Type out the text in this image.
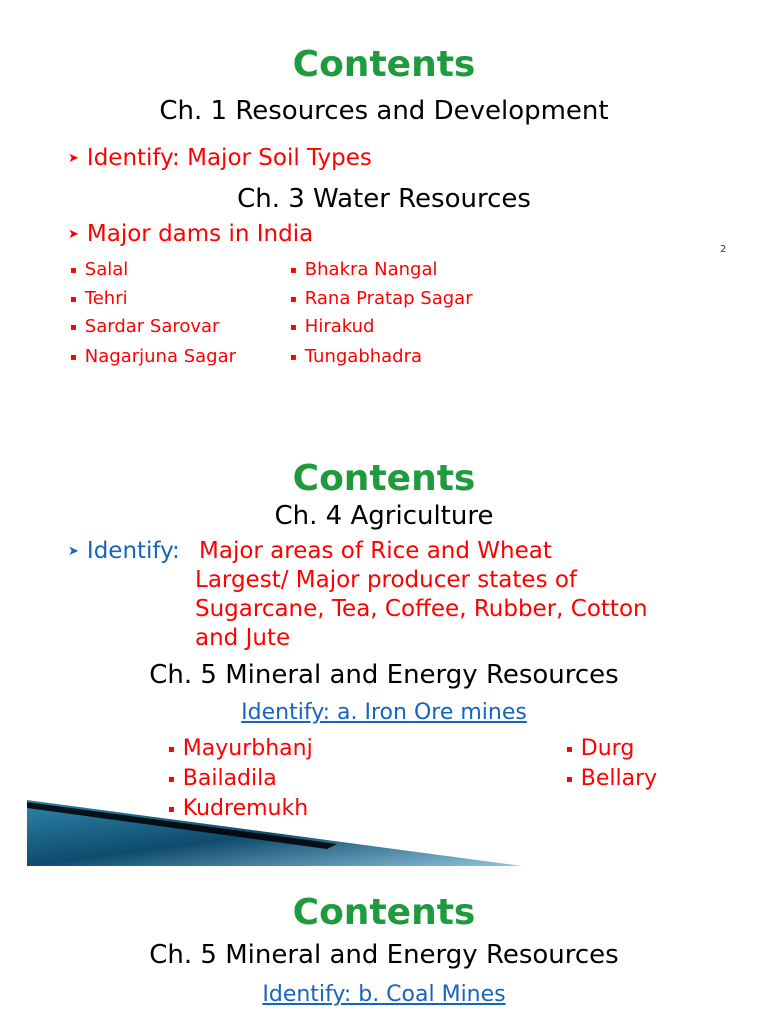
Contents
Ch. 1 Resources and Development
➤ Identify: Major Soil Types
Ch. 3 Water Resources
➤ Major dams in India
2
▪ Salal
▪ Tehri
▪ Sardar Sarovar
▪ Nagarjuna Sagar
▪ Bhakra Nangal
▪ Rana Pratap Sagar
▪ Hirakud
▪ Tungabhadra
Contents
Ch. 4 Agriculture
➤ Identify: Major areas of Rice and Wheat
Largest/ Major producer states of
Sugarcane, Tea, Coffee, Rubber, Cotton
and Jute
Ch. 5 Mineral and Energy Resources
Identify: a. Iron Ore mines
▪ Mayurbhanj
▪ Bailadila
▪ Kudremukh
▪ Durg
▪ Bellary
Contents
Ch. 5 Mineral and Energy Resources
Identify: b. Coal Mines
